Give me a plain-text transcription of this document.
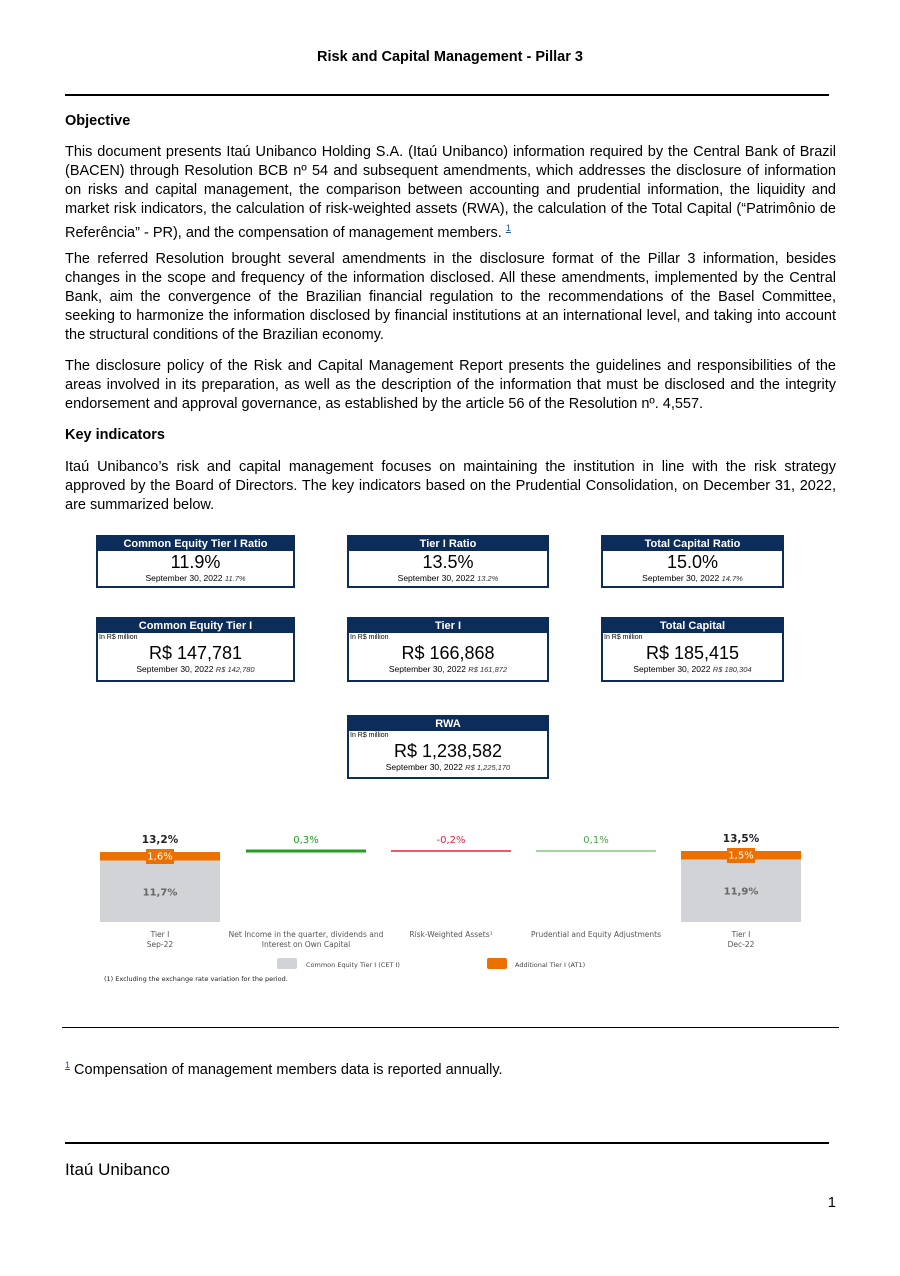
Risk and Capital Management - Pillar 3
Objective

This document presents Itaú Unibanco Holding S.A. (Itaú Unibanco) information required by the Central Bank of Brazil (BACEN) through Resolution BCB nº 54 and subsequent amendments, which addresses the disclosure of information on risks and capital management, the comparison between accounting and prudential information, the liquidity and market risk indicators, the calculation of risk-weighted assets (RWA), the calculation of the Total Capital (“Patrimônio de Referência” - PR), and the compensation of management members. $^1$

The referred Resolution brought several amendments in the disclosure format of the Pillar 3 information, besides changes in the scope and frequency of the information disclosed. All these amendments, implemented by the Central Bank, aim the convergence of the Brazilian financial regulation to the recommendations of the Basel Committee, seeking to harmonize the information disclosed by financial institutions at an international level, and taking into account the structural conditions of the Brazilian economy.

The disclosure policy of the Risk and Capital Management Report presents the guidelines and responsibilities of the areas involved in its preparation, as well as the description of the information that must be disclosed and the integrity endorsement and approval governance, as established by the article 56 of the Resolution nº. 4,557.

Key indicators

Itaú Unibanco’s risk and capital management focuses on maintaining the institution in line with the risk strategy approved by the Board of Directors. The key indicators based on the Prudential Consolidation, on December 31, 2022, are summarized below.

Common Equity Tier I Ratio
11.9%
September 30, 2022 11.7%
Tier I Ratio
13.5%
September 30, 2022 13.2%
Total Capital Ratio
15.0%
September 30, 2022 14.7%
Common Equity Tier I
In R$ million
R$ 147,781
September 30, 2022 R$ 142,780
Tier I
In R$ million
R$ 166,868
September 30, 2022 R$ 161,872
Total Capital
In R$ million
R$ 185,415
September 30, 2022 R$ 180,304
RWA
In R$ million
R$ 1,238,582
September 30, 2022 R$ 1,225,170
1,6%
11,7%
13,2%
Tier I
Sep-22
0,3%
Net Income in the quarter, dividends and
Interest on Own Capital
-0,2%
Risk-Weighted Assets¹
0,1%
Prudential and Equity Adjustments
1,5%
11,9%
13,5%
Tier I
Dec-22
Common Equity Tier I (CET I)	Additional Tier I (AT1)
(1) Excluding the exchange rate variation for the period.
$^1$ Compensation of management members data is reported annually.
Itaú Unibanco
1
